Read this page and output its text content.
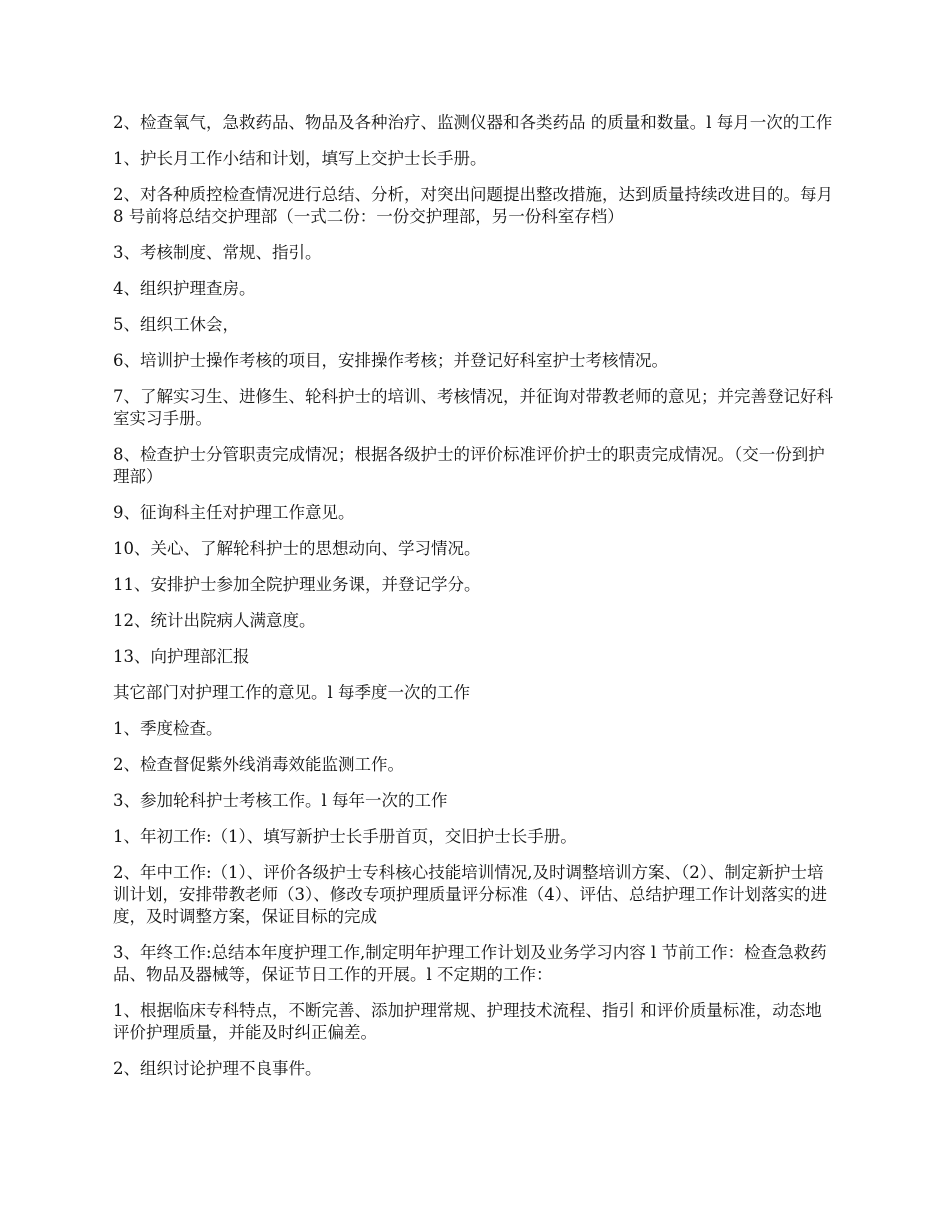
2、检查氧气，急救药品、物品及各种治疗、监测仪器和各类药品 的质量和数量。l 每月一次的工作

1、护长月工作小结和计划，填写上交护士长手册。

2、对各种质控检查情况进行总结、分析，对突出问题提出整改措施，达到质量持续改进目的。每月 8 号前将总结交护理部（一式二份：一份交护理部，另一份科室存档）

3、考核制度、常规、指引。

4、组织护理查房。

5、组织工休会，

6、培训护士操作考核的项目，安排操作考核；并登记好科室护士考核情况。

7、了解实习生、进修生、轮科护士的培训、考核情况，并征询对带教老师的意见；并完善登记好科室实习手册。

8、检查护士分管职责完成情况；根据各级护士的评价标准评价护士的职责完成情况。（交一份到护理部）

9、征询科主任对护理工作意见。

10、关心、了解轮科护士的思想动向、学习情况。

11、安排护士参加全院护理业务课，并登记学分。

12、统计出院病人满意度。

13、向护理部汇报

其它部门对护理工作的意见。l 每季度一次的工作

1、季度检查。

2、检查督促紫外线消毒效能监测工作。

3、参加轮科护士考核工作。l 每年一次的工作

1、年初工作:（1）、填写新护士长手册首页，交旧护士长手册。

2、年中工作:（1）、评价各级护士专科核心技能培训情况,及时调整培训方案、（2）、制定新护士培训计划，安排带教老师（3）、修改专项护理质量评分标准（4）、评估、总结护理工作计划落实的进度，及时调整方案，保证目标的完成

3、年终工作:总结本年度护理工作,制定明年护理工作计划及业务学习内容 l 节前工作：检查急救药品、物品及器械等，保证节日工作的开展。l 不定期的工作：

1、根据临床专科特点，不断完善、添加护理常规、护理技术流程、指引 和评价质量标准，动态地评价护理质量，并能及时纠正偏差。

2、组织讨论护理不良事件。
